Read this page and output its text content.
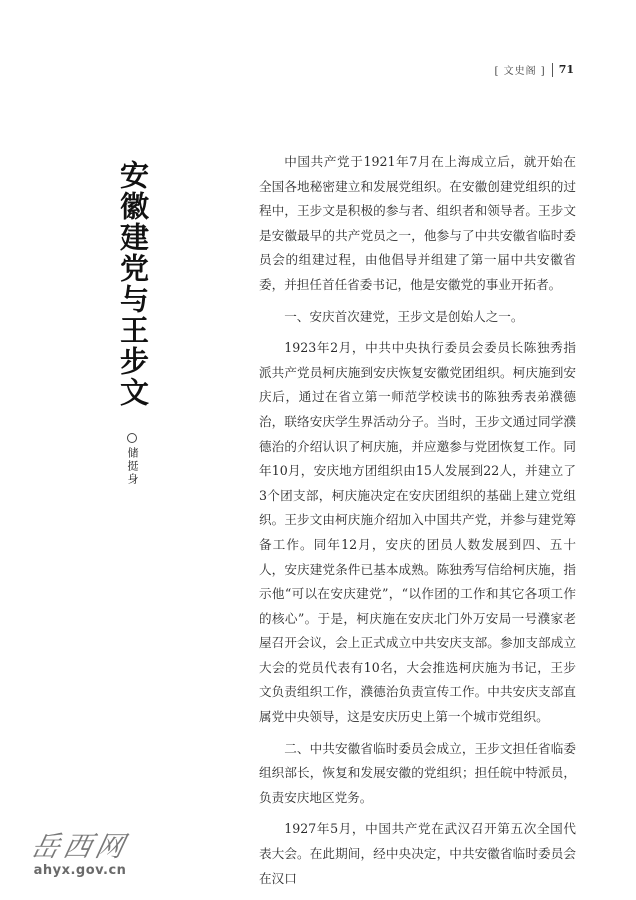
[ 文史阁 ] 71
安徽建党与王步文
储挺身

中国共产党于1921年7月在上海成立后，就开始在全国各地秘密建立和发展党组织。在安徽创建党组织的过程中，王步文是积极的参与者、组织者和领导者。王步文是安徽最早的共产党员之一，他参与了中共安徽省临时委员会的组建过程，由他倡导并组建了第一届中共安徽省委，并担任首任省委书记，他是安徽党的事业开拓者。

一、安庆首次建党，王步文是创始人之一。

1923年2月，中共中央执行委员会委员长陈独秀指派共产党员柯庆施到安庆恢复安徽党团组织。柯庆施到安庆后，通过在省立第一师范学校读书的陈独秀表弟濮德治，联络安庆学生界活动分子。当时，王步文通过同学濮德治的介绍认识了柯庆施，并应邀参与党团恢复工作。同年10月，安庆地方团组织由15人发展到22人，并建立了3个团支部，柯庆施决定在安庆团组织的基础上建立党组织。王步文由柯庆施介绍加入中国共产党，并参与建党筹备工作。同年12月，安庆的团员人数发展到四、五十人，安庆建党条件已基本成熟。陈独秀写信给柯庆施，指示他“可以在安庆建党”，“以作团的工作和其它各项工作的核心”。于是，柯庆施在安庆北门外万安局一号濮家老屋召开会议，会上正式成立中共安庆支部。参加支部成立大会的党员代表有10名，大会推选柯庆施为书记，王步文负责组织工作，濮德治负责宣传工作。中共安庆支部直属党中央领导，这是安庆历史上第一个城市党组织。

二、中共安徽省临时委员会成立，王步文担任省临委组织部长，恢复和发展安徽的党组织；担任皖中特派员，负责安庆地区党务。

1927年5月，中国共产党在武汉召开第五次全国代表大会。在此期间，经中央决定，中共安徽省临时委员会在汉口

岳西网
ahyx.gov.cn
